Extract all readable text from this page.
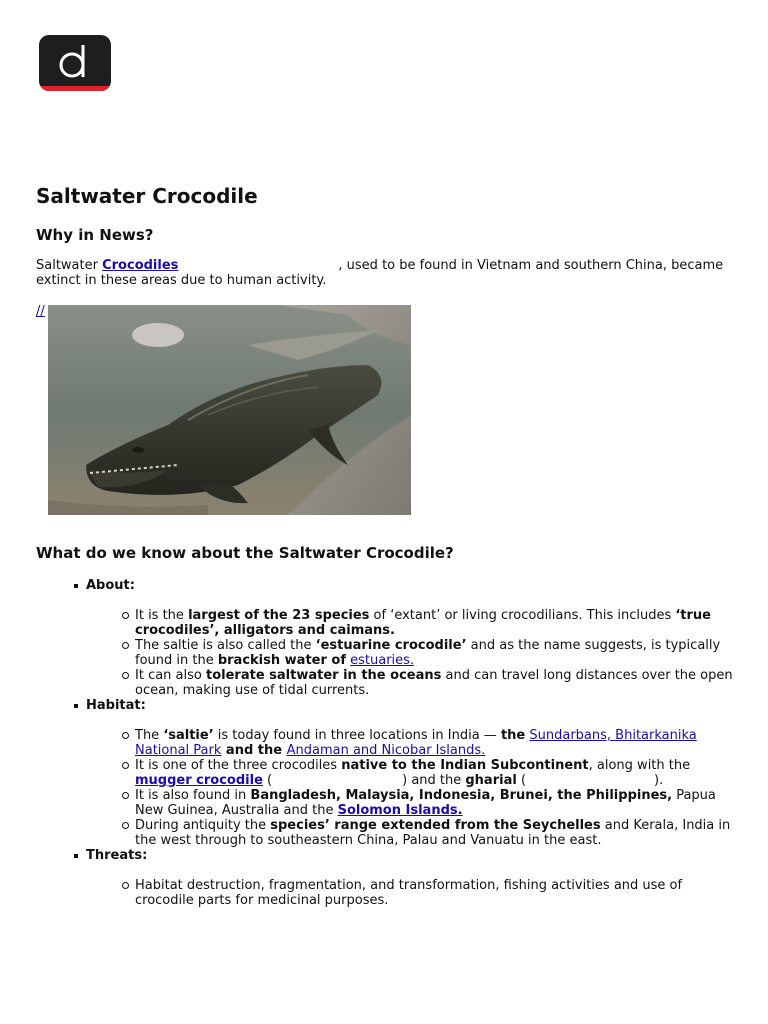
Saltwater Crocodile
Why in News?

Saltwater Crocodiles	, used to be found in Vietnam and southern China, became extinct in these areas due to human activity.

//
What do we know about the Saltwater Crocodile?
About:
It is the largest of the 23 species of ‘extant’ or living crocodilians. This includes ‘true crocodiles’, alligators and caimans.
The saltie is also called the ‘estuarine crocodile’ and as the name suggests, is typically found in the brackish water of estuaries.
It can also tolerate saltwater in the oceans and can travel long distances over the open ocean, making use of tidal currents.
Habitat:
The ‘saltie’ is today found in three locations in India — the Sundarbans, Bhitarkanika National Park and the Andaman and Nicobar Islands.
It is one of the three crocodiles native to the Indian Subcontinent, along with the mugger crocodile (	) and the gharial (	).
It is also found in Bangladesh, Malaysia, Indonesia, Brunei, the Philippines, Papua New Guinea, Australia and the Solomon Islands.
During antiquity the species’ range extended from the Seychelles and Kerala, India in the west through to southeastern China, Palau and Vanuatu in the east.
Threats:
Habitat destruction, fragmentation, and transformation, fishing activities and use of crocodile parts for medicinal purposes.
